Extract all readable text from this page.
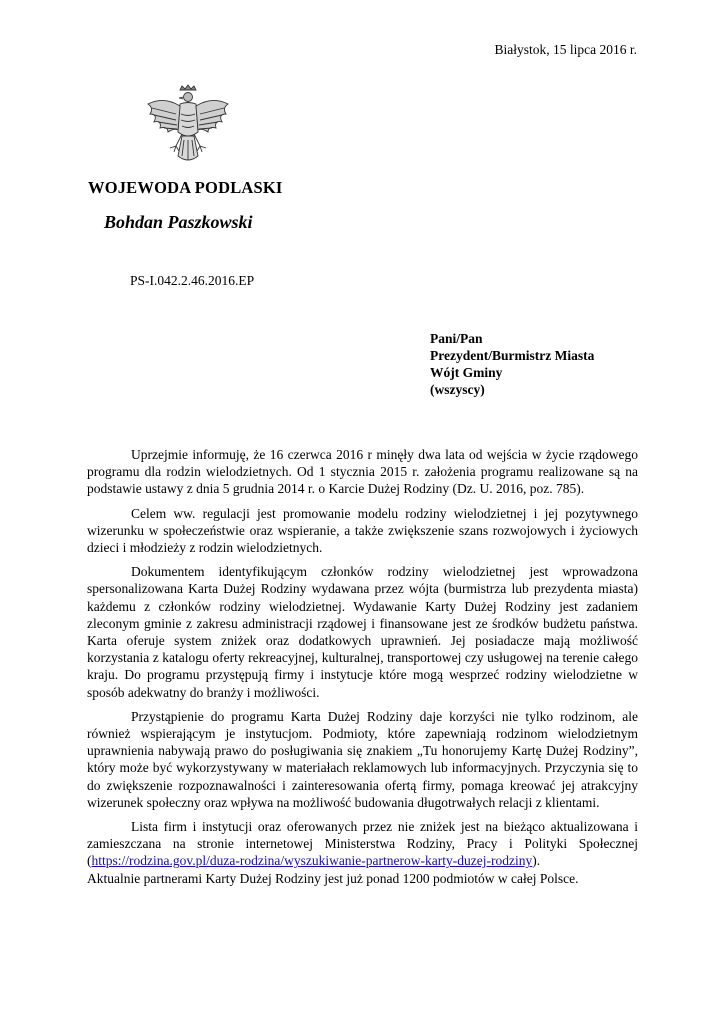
Białystok, 15 lipca 2016 r.
WOJEWODA PODLASKI
Bohdan Paszkowski
PS-I.042.2.46.2016.EP
Pani/Pan
Prezydent/Burmistrz Miasta
Wójt Gminy
(wszyscy)

Uprzejmie informuję, że 16 czerwca 2016 r minęły dwa lata od wejścia w życie rządowego programu dla rodzin wielodzietnych. Od 1 stycznia 2015 r. założenia programu realizowane są na podstawie ustawy z dnia 5 grudnia 2014 r. o Karcie Dużej Rodziny (Dz. U. 2016, poz. 785).

Celem ww. regulacji jest promowanie modelu rodziny wielodzietnej i jej pozytywnego wizerunku w społeczeństwie oraz wspieranie, a także zwiększenie szans rozwojowych i życiowych dzieci i młodzieży z rodzin wielodzietnych.

Dokumentem identyfikującym członków rodziny wielodzietnej jest wprowadzona spersonalizowana Karta Dużej Rodziny wydawana przez wójta (burmistrza lub prezydenta miasta) każdemu z członków rodziny wielodzietnej. Wydawanie Karty Dużej Rodziny jest zadaniem zleconym gminie z zakresu administracji rządowej i finansowane jest ze środków budżetu państwa. Karta oferuje system zniżek oraz dodatkowych uprawnień. Jej posiadacze mają możliwość korzystania z katalogu oferty rekreacyjnej, kulturalnej, transportowej czy usługowej na terenie całego kraju. Do programu przystępują firmy i instytucje które mogą wesprzeć rodziny wielodzietne w sposób adekwatny do branży i możliwości.

Przystąpienie do programu Karta Dużej Rodziny daje korzyści nie tylko rodzinom, ale również wspierającym je instytucjom. Podmioty, które zapewniają rodzinom wielodzietnym uprawnienia nabywają prawo do posługiwania się znakiem „Tu honorujemy Kartę Dużej Rodziny”, który może być wykorzystywany w materiałach reklamowych lub informacyjnych. Przyczynia się to do zwiększenie rozpoznawalności i zainteresowania ofertą firmy, pomaga kreować jej atrakcyjny wizerunek społeczny oraz wpływa na możliwość budowania długotrwałych relacji z klientami.

Lista firm i instytucji oraz oferowanych przez nie zniżek jest na bieżąco aktualizowana i zamieszczana na stronie internetowej Ministerstwa Rodziny, Pracy i Polityki Społecznej (https://rodzina.gov.pl/duza-rodzina/wyszukiwanie-partnerow-karty-duzej-rodziny).

Aktualnie partnerami Karty Dużej Rodziny jest już ponad 1200 podmiotów w całej Polsce.
